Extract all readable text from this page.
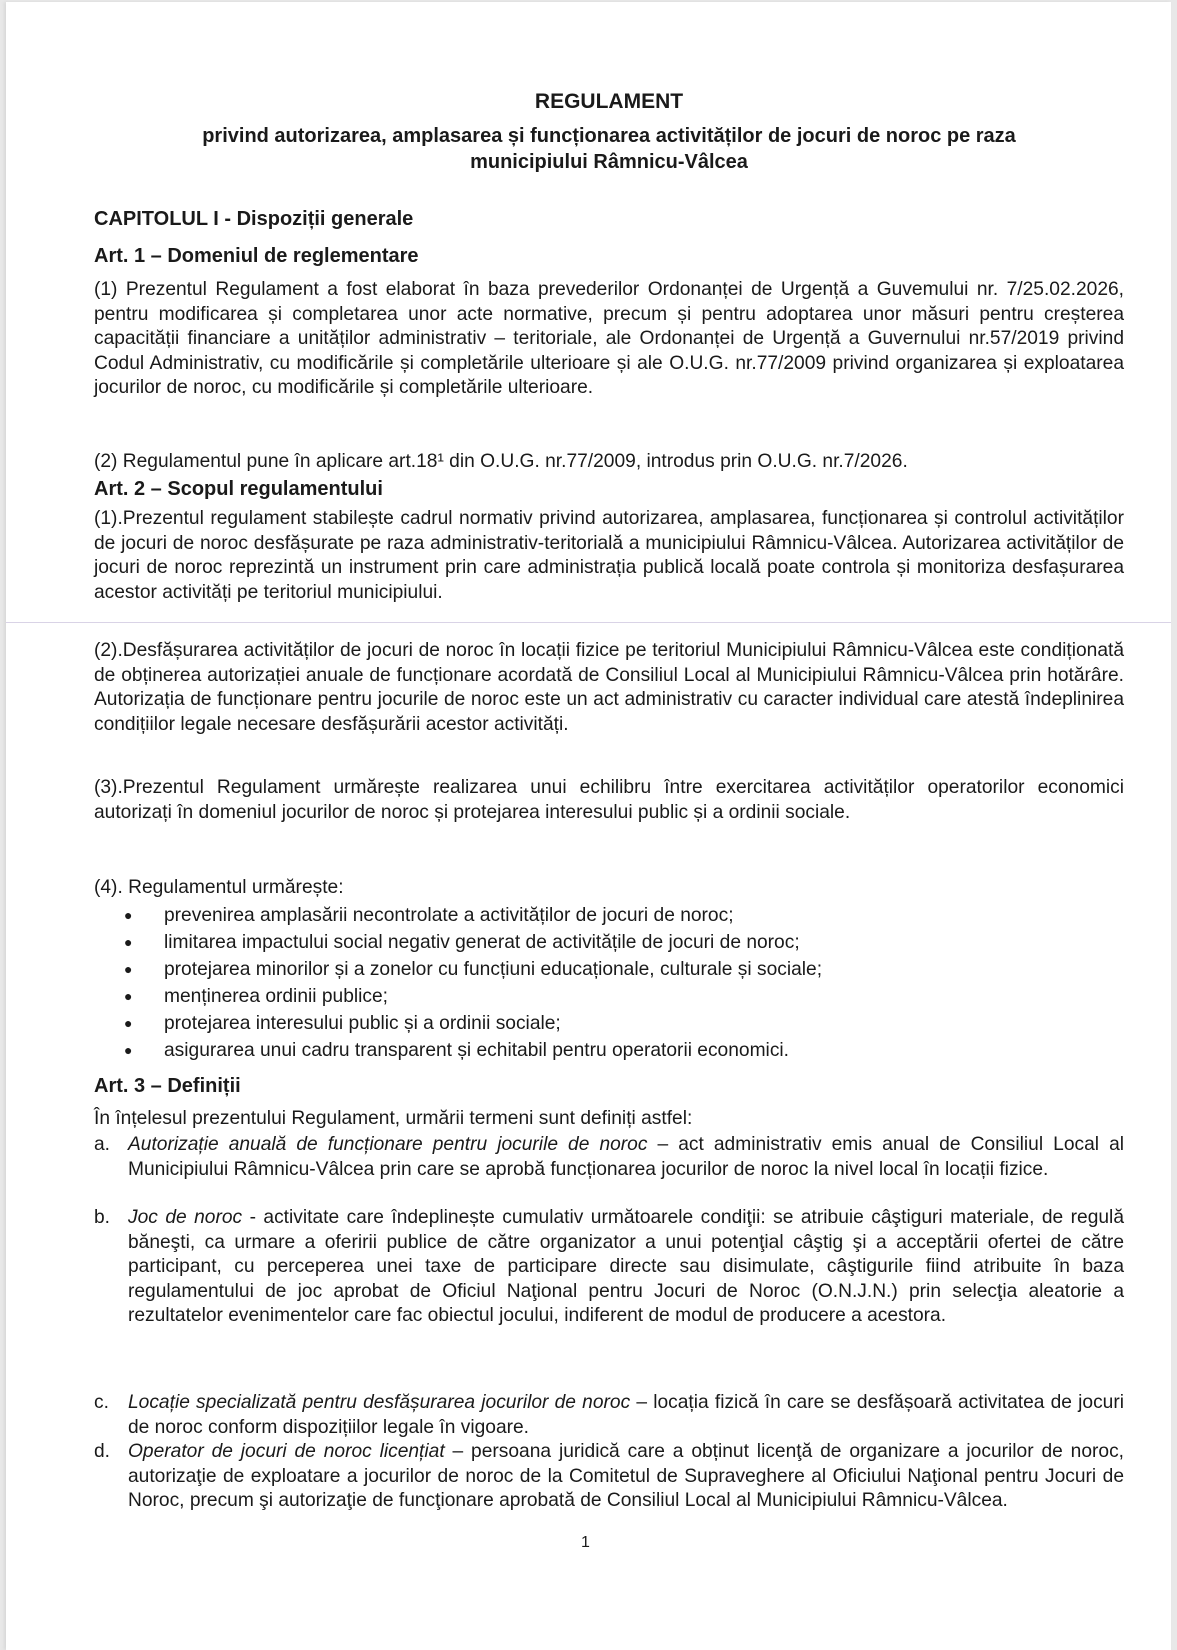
REGULAMENT
privind autorizarea, amplasarea și funcționarea activităților de jocuri de noroc pe raza
municipiului Râmnicu-Vâlcea
CAPITOLUL I - Dispoziții generale
Art. 1 – Domeniul de reglementare
(1) Prezentul Regulament a fost elaborat în baza prevederilor Ordonanței de Urgență a Guvemului nr. 7/25.02.2026, pentru modificarea și completarea unor acte normative, precum și pentru adoptarea unor măsuri pentru creșterea capacității financiare a unităților administrativ – teritoriale, ale Ordonanței de Urgență a Guvernului nr.57/2019 privind Codul Administrativ, cu modificările și completările ulterioare și ale O.U.G. nr.77/2009 privind organizarea și exploatarea jocurilor de noroc, cu modificările și completările ulterioare.
(2) Regulamentul pune în aplicare art.18¹ din O.U.G. nr.77/2009, introdus prin O.U.G. nr.7/2026.
Art. 2 – Scopul regulamentului
(1).Prezentul regulament stabilește cadrul normativ privind autorizarea, amplasarea, funcționarea și controlul activităților de jocuri de noroc desfășurate pe raza administrativ-teritorială a municipiului Râmnicu-Vâlcea. Autorizarea activităților de jocuri de noroc reprezintă un instrument prin care administrația publică locală poate controla și monitoriza desfașurarea acestor activități pe teritoriul municipiului.
(2).Desfășurarea activităților de jocuri de noroc în locații fizice pe teritoriul Municipiului Râmnicu-Vâlcea este condiționată de obținerea autorizației anuale de funcționare acordată de Consiliul Local al Municipiului Râmnicu-Vâlcea prin hotărâre. Autorizația de funcționare pentru jocurile de noroc este un act administrativ cu caracter individual care atestă îndeplinirea condițiilor legale necesare desfășurării acestor activități.
(3).Prezentul Regulament urmărește realizarea unui echilibru între exercitarea activităților operatorilor economici autorizați în domeniul jocurilor de noroc și protejarea interesului public și a ordinii sociale.
(4). Regulamentul urmărește:
● prevenirea amplasării necontrolate a activităților de jocuri de noroc;
● limitarea impactului social negativ generat de activitățile de jocuri de noroc;
● protejarea minorilor și a zonelor cu funcțiuni educaționale, culturale și sociale;
● menținerea ordinii publice;
● protejarea interesului public și a ordinii sociale;
● asigurarea unui cadru transparent și echitabil pentru operatorii economici.
Art. 3 – Definiții
În înțelesul prezentului Regulament, urmării termeni sunt definiți astfel:
a. Autorizație anuală de funcționare pentru jocurile de noroc – act administrativ emis anual de Consiliul Local al Municipiului Râmnicu-Vâlcea prin care se aprobă funcționarea jocurilor de noroc la nivel local în locații fizice.
b. Joc de noroc - activitate care îndeplinește cumulativ următoarele condiţii: se atribuie câştiguri materiale, de regulă băneşti, ca urmare a oferirii publice de către organizator a unui potenţial câştig şi a acceptării ofertei de către participant, cu perceperea unei taxe de participare directe sau disimulate, câştigurile fiind atribuite în baza regulamentului de joc aprobat de Oficiul Naţional pentru Jocuri de Noroc (O.N.J.N.) prin selecţia aleatorie a rezultatelor evenimentelor care fac obiectul jocului, indiferent de modul de producere a acestora.
c. Locație specializată pentru desfășurarea jocurilor de noroc – locația fizică în care se desfășoară activitatea de jocuri de noroc conform dispozițiilor legale în vigoare.
d. Operator de jocuri de noroc licențiat – persoana juridică care a obținut licenţă de organizare a jocurilor de noroc, autorizaţie de exploatare a jocurilor de noroc de la Comitetul de Supraveghere al Oficiului Naţional pentru Jocuri de Noroc, precum şi autorizaţie de funcţionare aprobată de Consiliul Local al Municipiului Râmnicu-Vâlcea.
1
